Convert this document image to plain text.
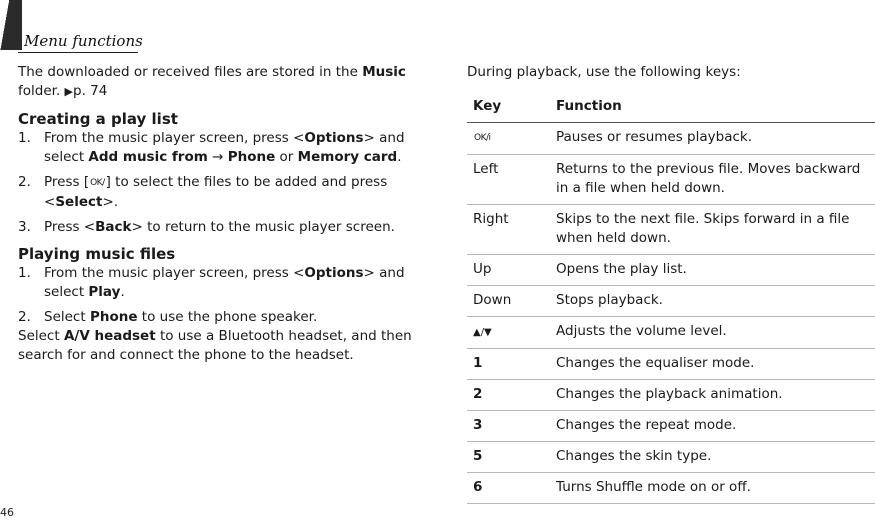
Menu functions

The downloaded or received files are stored in the Music folder. ▶p. 74

Creating a play list

1. From the music player screen, press <Options> and select Add music from → Phone or Memory card.
2. Press [OK/] to select the files to be added and press <Select>.
3. Press <Back> to return to the music player screen.

Playing music files

1. From the music player screen, press <Options> and select Play.
2. Select Phone to use the phone speaker.

Select A/V headset to use a Bluetooth headset, and then search for and connect the phone to the headset.

During playback, use the following keys:

Key	Function
OK/i	Pauses or resumes playback.
Left	Returns to the previous file. Moves backward in a file when held down.
Right	Skips to the next file. Skips forward in a file when held down.
Up	Opens the play list.
Down	Stops playback.
▲/▼	Adjusts the volume level.
1	Changes the equaliser mode.
2	Changes the playback animation.
3	Changes the repeat mode.
5	Changes the skin type.
6	Turns Shuffle mode on or off.
46
